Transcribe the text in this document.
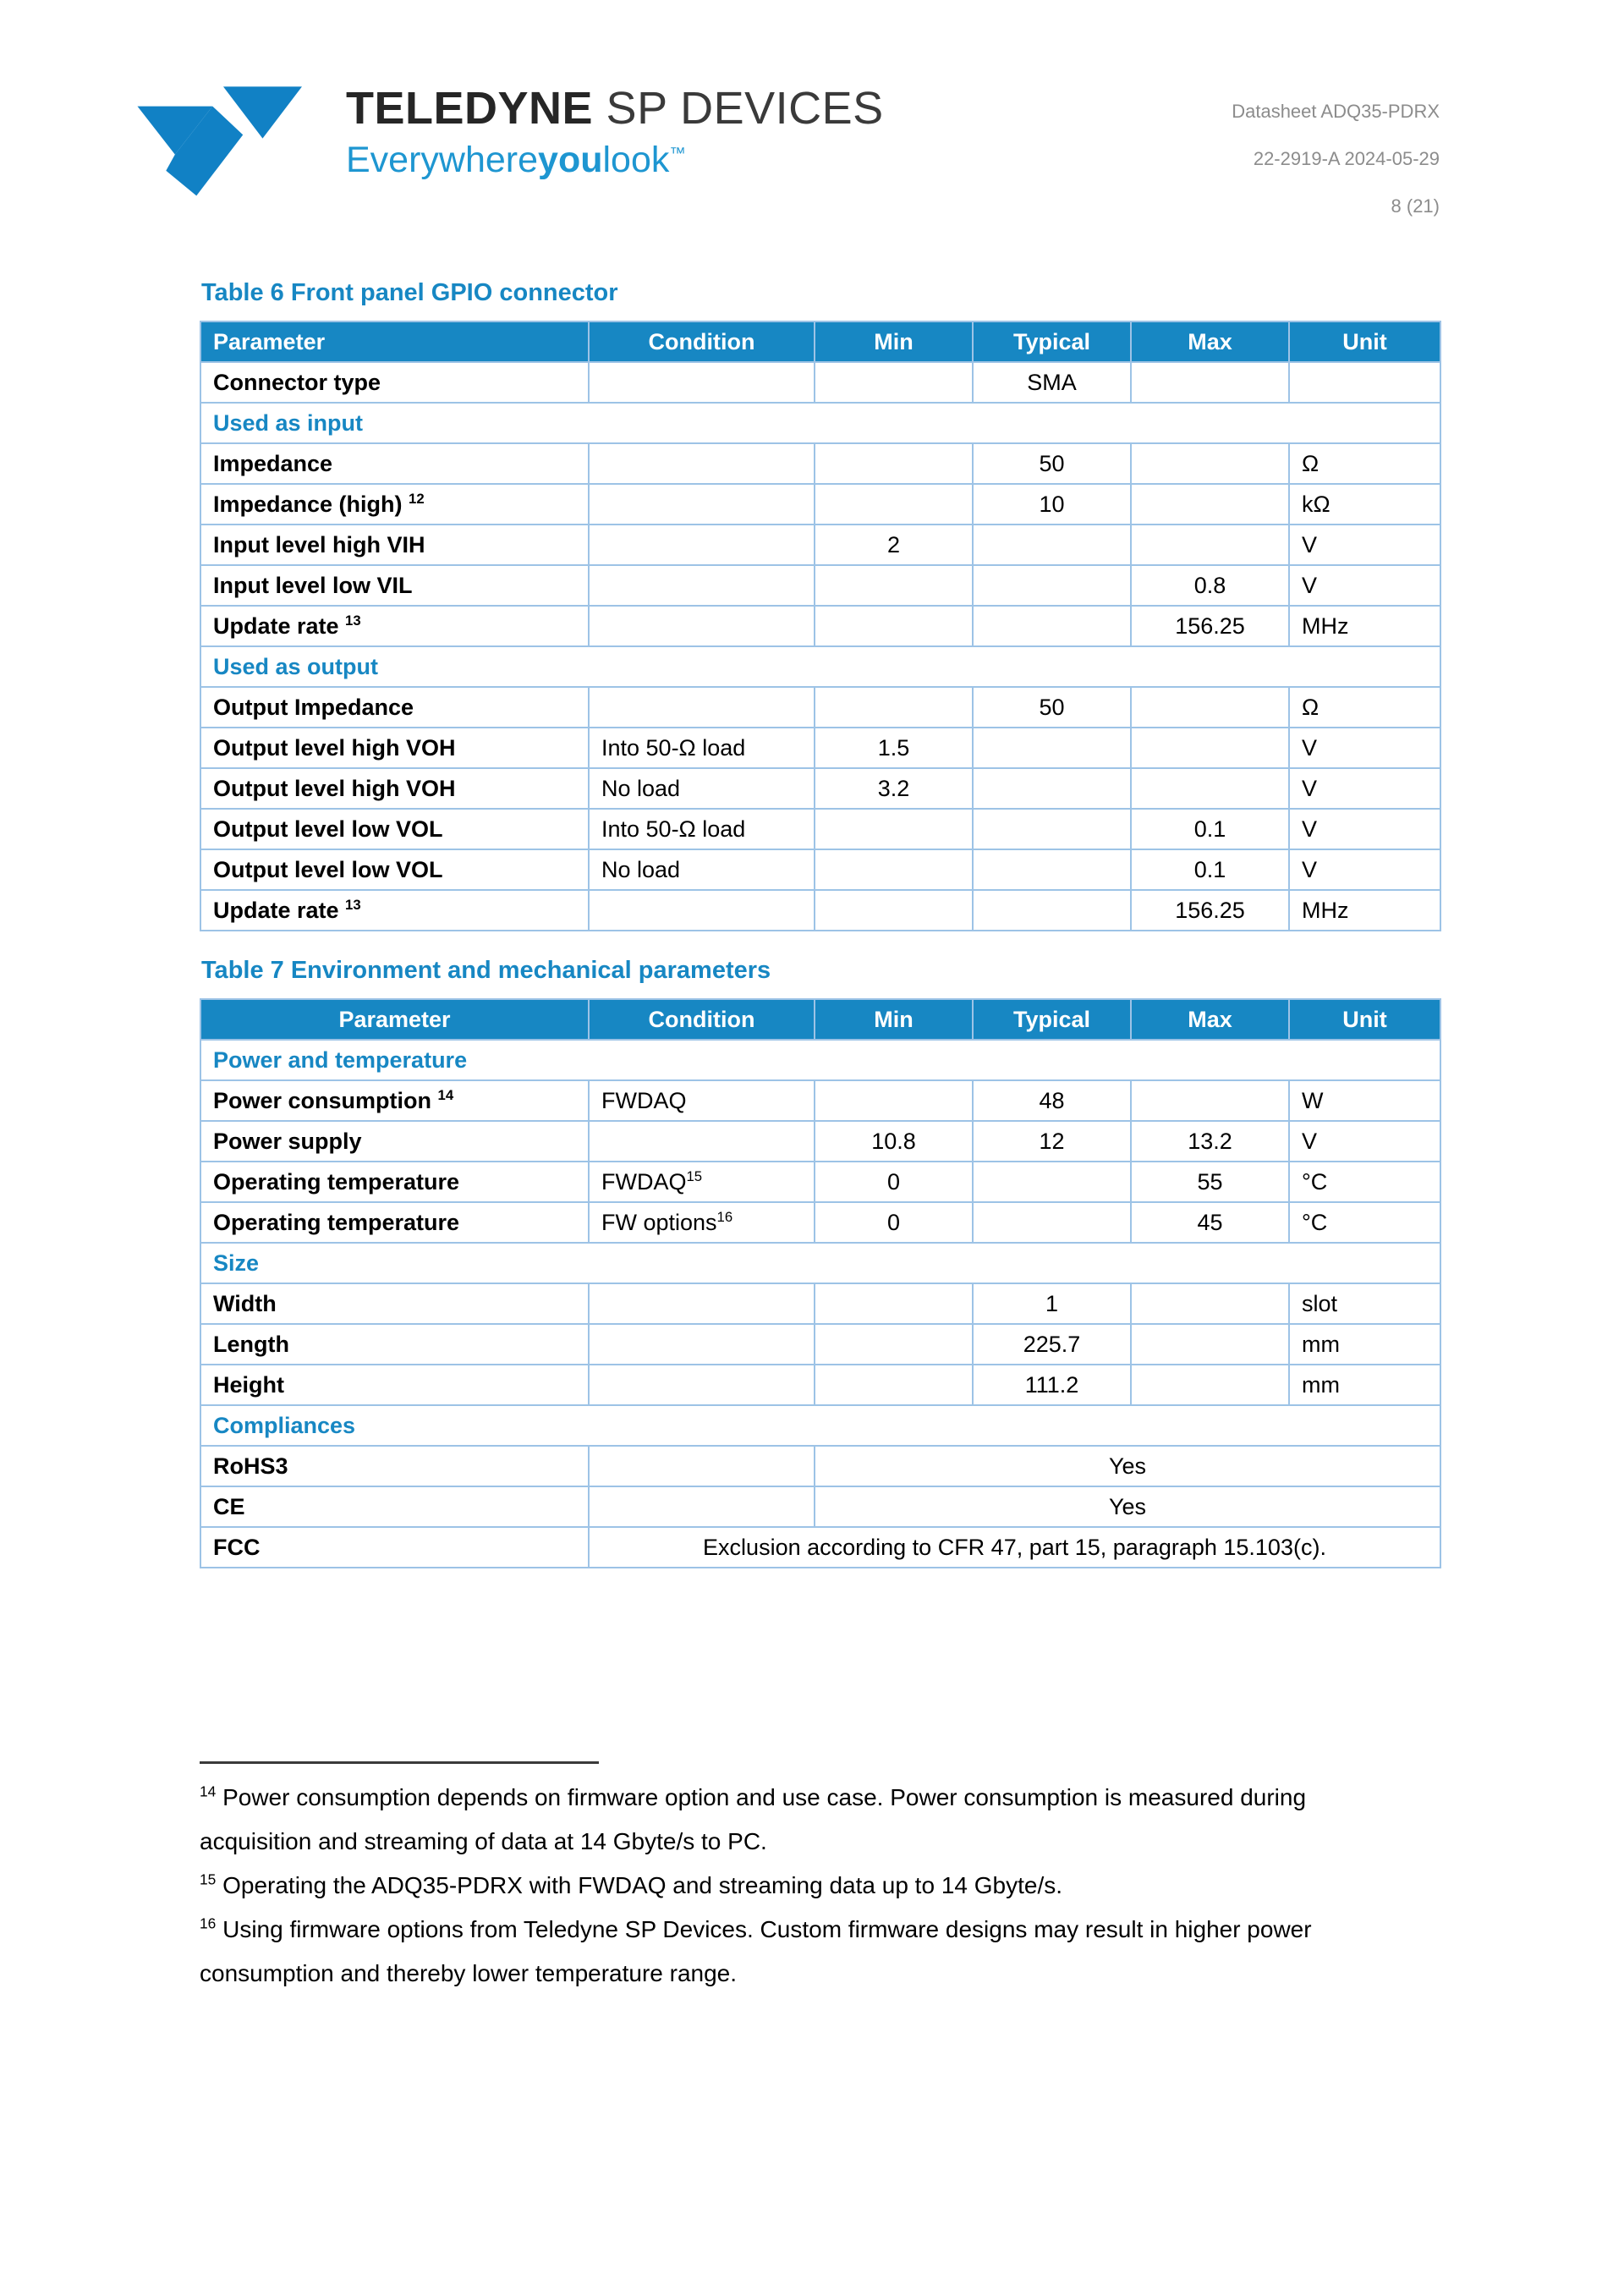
TELEDYNE SP DEVICES
Everywhereyoulook™
Datasheet ADQ35-PDRX
22-2919-A 2024-05-29
8 (21)
Table 6 Front panel GPIO connector
Parameter	Condition	Min	Typical	Max	Unit
Connector type			SMA		
Used as input					
Impedance			50		Ω
Impedance (high) $^{12}$			10		kΩ
Input level high VIH		2			V
Input level low VIL				0.8	V
Update rate $^{13}$				156.25	MHz
Used as output					
Output Impedance			50		Ω
Output level high VOH	Into 50-Ω load	1.5			V
Output level high VOH	No load	3.2			V
Output level low VOL	Into 50-Ω load			0.1	V
Output level low VOL	No load			0.1	V
Update rate $^{13}$				156.25	MHz
Table 7 Environment and mechanical parameters
Parameter	Condition	Min	Typical	Max	Unit
Power and temperature					
Power consumption $^{14}$	FWDAQ		48		W
Power supply		10.8	12	13.2	V
Operating temperature	FWDAQ$^{15}$	0		55	°C
Operating temperature	FW options$^{16}$	0		45	°C
Size					
Width			1		slot
Length			225.7		mm
Height			111.2		mm
Compliances					
RoHS3		Yes			
CE		Yes			
FCC	Exclusion according to CFR 47, part 15, paragraph 15.103(c).				

$^{14}$ Power consumption depends on firmware option and use case. Power consumption is measured during acquisition and streaming of data at 14 Gbyte/s to PC.

$^{15}$ Operating the ADQ35-PDRX with FWDAQ and streaming data up to 14 Gbyte/s.

$^{16}$ Using firmware options from Teledyne SP Devices. Custom firmware designs may result in higher power consumption and thereby lower temperature range.
